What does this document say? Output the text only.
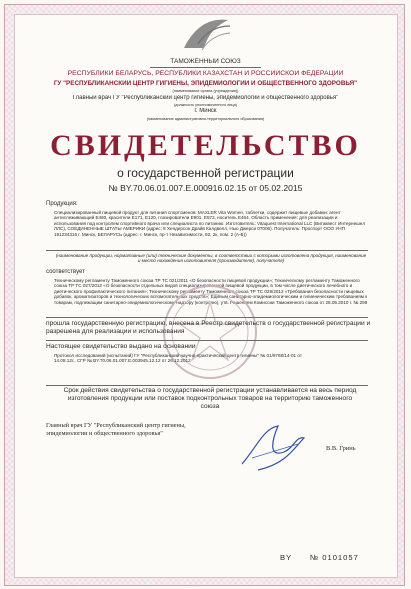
ТАМОЖЕННЫЙ СОЮЗ
РЕСПУБЛИКИ БЕЛАРУСЬ, РЕСПУБЛИКИ КАЗАХСТАН И РОССИЙСКОЙ ФЕДЕРАЦИИ
ГУ "РЕСПУБЛИКАНСКИЙ ЦЕНТР ГИГИЕНЫ, ЭПИДЕМИОЛОГИИ И ОБЩЕСТВЕННОГО ЗДОРОВЬЯ"
(наименование органа (учреждения))
Главный врач ГУ "Республиканский центр гигиены, эпидемиологии и общественного здоровья"
(должность уполномоченного лица)
г. Минск
(наименование административно-территориального образования)
СВИДЕТЕЛЬСТВО
о государственной регистрации
№ BY.70.06.01.007.Е.000916.02.15 от 05.02.2015
Продукция:
Специализированный пищевой продукт для питания спортсменов: MAXLER Vita Women, таблетки, содержит пищевые добавки: агент антислеживающий Е460, красители Е171, Е120, глазирователи Е901, Е572, носитель Е464. Область применения: для реализации и использования под контролем спортивного врача или специалиста по питанию. Изготовитель: Vitaquest International LLC (Витаквест Интернешнл ЛЛС), СОЕДИНЕННЫЕ ШТАТЫ АМЕРИКИ (адрес: 8 Хендерсон Драйв Калдвелл, Нью Джерси 07006). Получатель: Проспорт ООО УНП 191234316 г. Минск, БЕЛАРУСЬ (адрес: г. Минск, пр-т Независимости, 92, 2к, пом. 2 (А-Б))
(наименование продукции, нормативные (или) технические документы, в соответствии с которыми изготовлена продукция, наименование и место нахождения изготовителя (производителя), получателя)
соответствует
Техническому регламенту Таможенного союза ТР ТС 021/2011 «О безопасности пищевой продукции»; Техническому регламенту Таможенного союза ТР ТС 027/2012 «О безопасности отдельных видов специализированной пищевой продукции, в том числе диетического лечебного и диетического профилактического питания»; Техническому регламенту Таможенного союза ТР ТС 029/2012 «Требования безопасности пищевых добавок, ароматизаторов и технологических вспомогательных средств»; Единым санитарно-эпидемиологическим и гигиеническим требованиям к товарам, подлежащим санитарно-эпидемиологическому надзору (контролю), утв. Решением Комиссии Таможенного союза от 28.05.2010 г. № 299
прошла государственную регистрацию, внесена в Реестр свидетельств о государственной регистрации и разрешена для реализации и использования
Настоящее свидетельство выдано на основании
Протокол исследований (испытаний) ГУ "Республиканский научно-практический центр гигиены" № 01/9768/14-01 от 14.08.12г., СГР № BY.70.06.01.007.Е.003945.12.12 от 26.12.2012
Срок действия свидетельства о государственной регистрации устанавливается на весь период изготовления продукции или поставок подконтрольных товаров на территорию таможенного союза
Главный врач ГУ "Республиканский центр гигиены, эпидемиологии и общественного здоровья"
В.В. Гринь
BY № 0101057
